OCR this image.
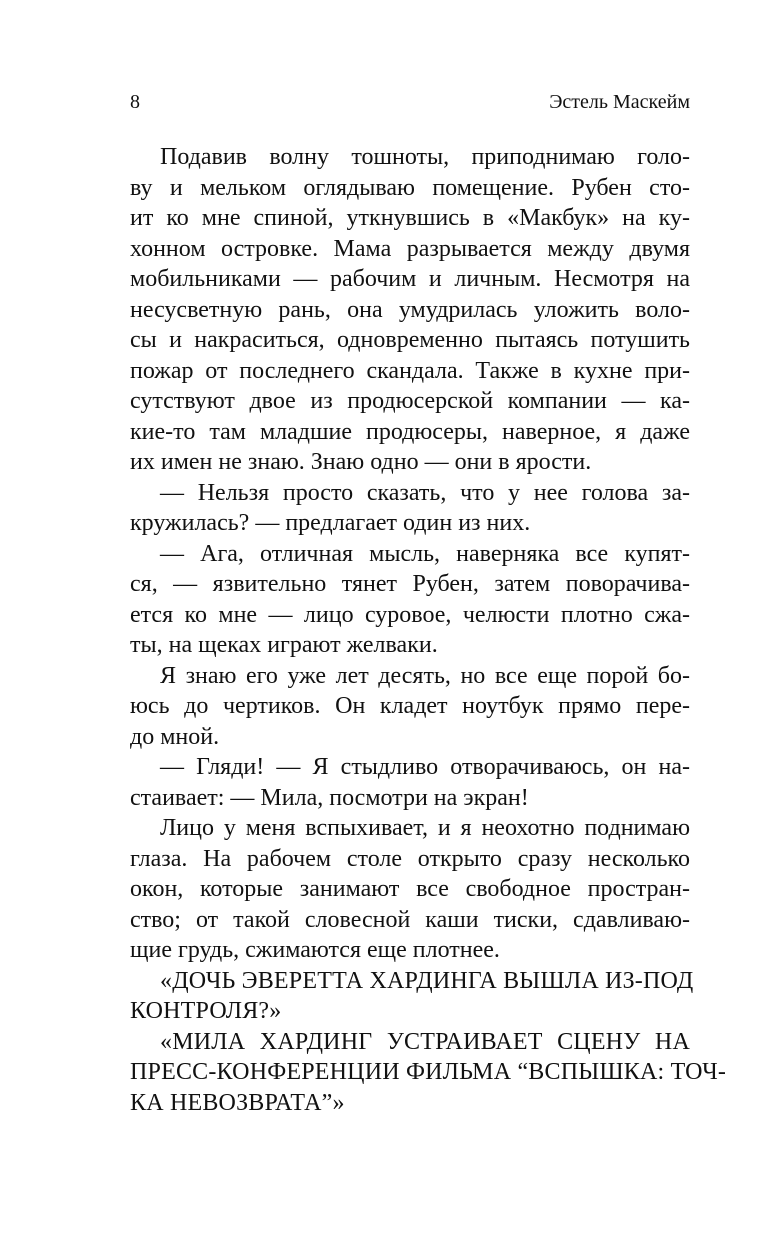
8	Эстель Маскейм
Подавив волну тошноты, приподнимаю голо-
ву и мельком оглядываю помещение. Рубен сто-
ит ко мне спиной, уткнувшись в «Макбук» на ку-
хонном островке. Мама разрывается между двумя
мобильниками — рабочим и личным. Несмотря на
несусветную рань, она умудрилась уложить воло-
сы и накраситься, одновременно пытаясь потушить
пожар от последнего скандала. Также в кухне при-
сутствуют двое из продюсерской компании — ка-
кие-то там младшие продюсеры, наверное, я даже
их имен не знаю. Знаю одно — они в ярости.
— Нельзя просто сказать, что у нее голова за-
кружилась? — предлагает один из них.
— Ага, отличная мысль, наверняка все купят-
ся, — язвительно тянет Рубен, затем поворачива-
ется ко мне — лицо суровое, челюсти плотно сжа-
ты, на щеках играют желваки.
Я знаю его уже лет десять, но все еще порой бо-
юсь до чертиков. Он кладет ноутбук прямо пере-
до мной.
— Гляди! — Я стыдливо отворачиваюсь, он на-
стаивает: — Мила, посмотри на экран!
Лицо у меня вспыхивает, и я неохотно поднимаю
глаза. На рабочем столе открыто сразу несколько
окон, которые занимают все свободное простран-
ство; от такой словесной каши тиски, сдавливаю-
щие грудь, сжимаются еще плотнее.
«ДОЧЬ ЭВЕРЕТТА ХАРДИНГА ВЫШЛА ИЗ-ПОД
КОНТРОЛЯ?»
«МИЛА ХАРДИНГ УСТРАИВАЕТ СЦЕНУ НА
ПРЕСС-КОНФЕРЕНЦИИ ФИЛЬМА “ВСПЫШКА: ТОЧ-
КА НЕВОЗВРАТА”»
